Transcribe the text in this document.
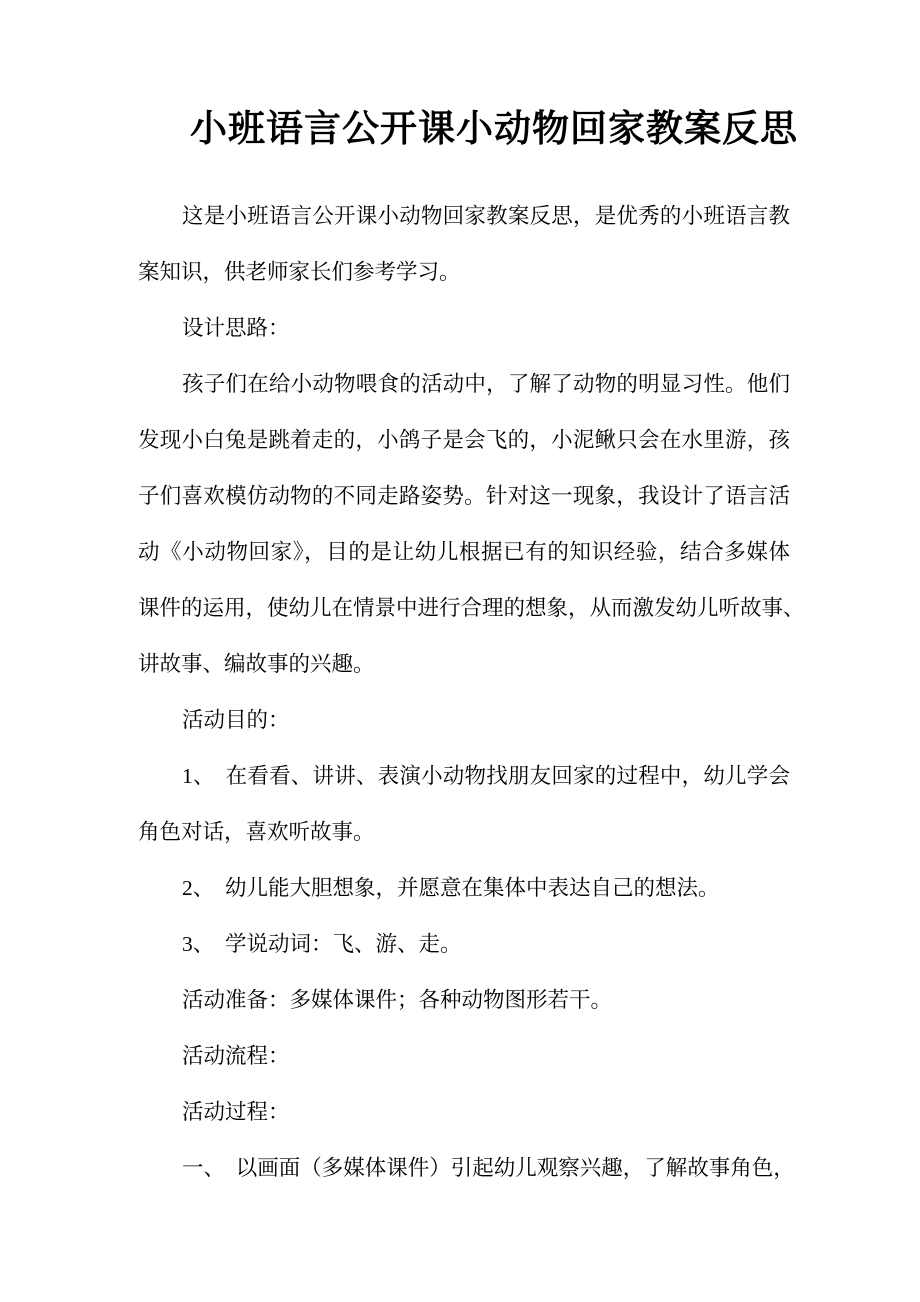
小班语言公开课小动物回家教案反思
这是小班语言公开课小动物回家教案反思，是优秀的小班语言教
案知识，供老师家长们参考学习。
设计思路：
孩子们在给小动物喂食的活动中，了解了动物的明显习性。他们
发现小白兔是跳着走的，小鸽子是会飞的，小泥鳅只会在水里游，孩
子们喜欢模仿动物的不同走路姿势。针对这一现象，我设计了语言活
动《小动物回家》，目的是让幼儿根据已有的知识经验，结合多媒体
课件的运用，使幼儿在情景中进行合理的想象，从而激发幼儿听故事、
讲故事、编故事的兴趣。
活动目的：
1、　在看看、讲讲、表演小动物找朋友回家的过程中，幼儿学会
角色对话，喜欢听故事。
2、　幼儿能大胆想象，并愿意在集体中表达自己的想法。
3、　学说动词：飞、游、走。
活动准备：多媒体课件；各种动物图形若干。
活动流程：
活动过程：
一、　以画面（多媒体课件）引起幼儿观察兴趣，了解故事角色，
